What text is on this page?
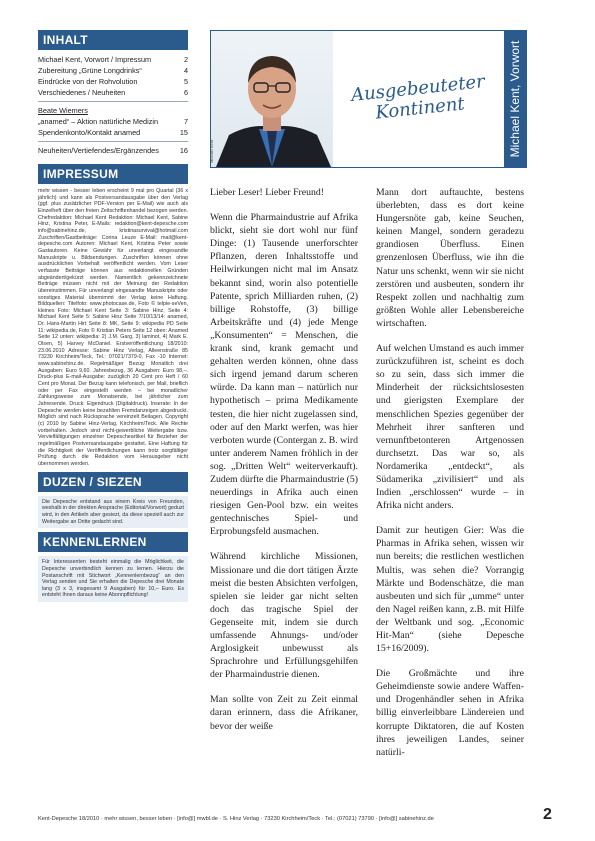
INHALT
Michael Kent, Vorwort / Impressum	2
Zubereitung „Grüne Longdrinks“	4
Eindrücke von der Rohvolution	5
Verschiedenes / Neuheiten	6
Beate Wiemers
„anamed“ – Aktion natürliche Medizin	7
Spendenkonto/Kontakt anamed	15
Neuheiten/Vertiefendes/Ergänzendes	16
IMPRESSUM
mehr wissen - besser leben erscheint 9 mal pro Quartal (36 x jährlich) und kann als Postversandausgabe über den Verlag (ggf. plus zusätzlicher PDF-Version per E-Mail) wie auch als Einzelheft über den freien Zeitschriftenhandel bezogen werden. Chefredaktion: Michael Kent Redaktion: Michael Kent, Sabine Hinz, Kristina Peter, E-Mails: redaktion@kent-depesche.com info@sabinehinz.de, kristinasurvival@hotmail.com Zuschriften/Gastbeiträge: Corina Leuze E-Mail: mail@kent-depesche.com Autoren: Michael Kent, Kristina Peter sowie Gastautoren. Keine Gewähr für unverlangt eingesandte Manuskripte u. Bildsendungen. Zuschriften können ohne ausdrücklichen Vorbehalt veröffentlicht werden. Vom Leser verfasste Beiträge können aus redaktionellen Gründen abgeändert/gekürzt werden. Namentlich gekennzeichnete Beiträge müssen nicht mit der Meinung der Redaktion übereinstimmen. Für unverlangt eingesandte Manuskripte oder sonstiges Material übernimmt der Verlag keine Haftung. Bildquellen: Titelfoto: www.photocase.de, Foto © telpie-seVen, kleines Foto: Michael Kent Seite 3: Sabine Hinz, Seite 4: Michael Kent Seite 5: Sabine Hinz Seite 7/10/13/14: anamed, Dr. Hans-Martin Hirt Seite 8: MK, Seite 9: wikipedia PD Seite 11: wikipedia.de, Foto © Kristian Peters Seite 12 oben: Anamed Seite 12 unten: wikipedia: 2) J.M. Garg, 3) laminot, 4) Mark E. Olsen, 5) Harvey McDaniel. Erstveröffentlichung 18/2010: 23.06.2010 Adresse: Sabine Hinz Verlag, Alleenstraße 85 73230 Kirchheim/Teck, Tel.: 07021/7379-0, Fax -10 Internet: www.sabinehinz.de. Regelmäßiger Bezug: Monatlich drei Ausgaben: Euro 9,60. Jahresbezug, 36 Ausgaben: Euro 98,–. Druck-plus E-mail-Ausgabe: zuzüglich 20 Cent pro Heft / 60 Cent pro Monat. Der Bezug kann telefonisch, per Mail, brieflich oder per Fax eingestellt werden – bei monatlicher Zahlungsweise zum Monatsende, bei jährlicher zum Jahresende. Druck: Eigendruck (Digitaldruck). Inserate: In der Depesche werden keine bezahlten Fremdanzeigen abgedruckt. Möglich sind nach Rücksprache vereinzelt Beilagen. Copyright (c) 2010 by Sabine Hinz-Verlag, Kirchheim/Teck. Alle Rechte vorbehalten. Jedoch sind nicht-gewerbliche Weitergabe bzw. Vervielfältigungen einzelner Depescheartikel für Bezieher der regelmäßigen Postversandausgabe gestattet. Eine Haftung für die Richtigkeit der Veröffentlichungen kann trotz sorgfältiger Prüfung durch die Redaktion vom Herausgeber nicht übernommen werden.
DUZEN / SIEZEN
Die Depesche entstand aus einem Kreis von Freunden, weshalb in der direkten Ansprache (Editorial/Vorwort) geduzt wird, in den Artikeln aber gesiezt, da diese speziell auch zur Weitergabe an Dritte gedacht sind.
KENNENLERNEN
Für Interessenten besteht einmalig die Möglichkeit, die Depesche unverbindlich kennen zu lernen. Hierzu die Postanschrift mit Stichwort „Kennenlernbezug“ an den Verlag senden und Sie erhalten die Depesche drei Monate lang (3 x 3, insgesamt 9 Ausgaben) für 10,– Euro. Es entsteht Ihnen daraus keine Abonnpflichtung!
Michael Kent
Ausgebeuteter Kontinent	Michael Kent, Vorwort

Lieber Leser! Lieber Freund!

Wenn die Pharmaindustrie auf Afrika blickt, sieht sie dort wohl nur fünf Dinge: (1) Tausende unerforschter Pflanzen, deren Inhaltsstoffe und Heilwirkungen nicht mal im Ansatz bekannt sind, worin also potentielle Patente, sprich Milliarden ruhen, (2) billige Rohstoffe, (3) billige Arbeitskräfte und (4) jede Menge „Konsumenten“ = Menschen, die krank sind, krank gemacht und gehalten werden können, ohne dass sich irgend jemand darum scheren würde. Da kann man – natürlich nur hypothetisch – prima Medikamente testen, die hier nicht zugelassen sind, oder auf den Markt werfen, was hier verboten wurde (Contergan z. B. wird unter anderem Namen fröhlich in der sog. „Dritten Welt“ weiterverkauft). Zudem dürfte die Pharmaindustrie (5) neuerdings in Afrika auch einen riesigen Gen-Pool bzw. ein weites gentechnisches Spiel- und Erprobungsfeld ausmachen.

Während kirchliche Missionen, Missionare und die dort tätigen Ärzte meist die besten Absichten verfolgen, spielen sie leider gar nicht selten doch das tragische Spiel der Gegenseite mit, indem sie durch umfassende Ahnungs- und/oder Arglosigkeit unbewusst als Sprachrohre und Erfüllungsgehilfen der Pharmaindustrie dienen.

Man sollte von Zeit zu Zeit einmal daran erinnern, dass die Afrikaner, bevor der weiße

Mann dort auftauchte, bestens überlebten, dass es dort keine Hungersnöte gab, keine Seuchen, keinen Mangel, sondern geradezu grandiosen Überfluss. Einen grenzenlosen Überfluss, wie ihn die Natur uns schenkt, wenn wir sie nicht zerstören und ausbeuten, sondern ihr Respekt zollen und nachhaltig zum größten Wohle aller Lebensbereiche wirtschaften.

Auf welchen Umstand es auch immer zurückzuführen ist, scheint es doch so zu sein, dass sich immer die Minderheit der rücksichtslosesten und gierigsten Exemplare der menschlichen Spezies gegenüber der Mehrheit ihrer sanfteren und vernunftbetonteren Artgenossen durchsetzt. Das war so, als Nordamerika „entdeckt“, als Südamerika „zivilisiert“ und als Indien „erschlossen“ wurde – in Afrika nicht anders.

Damit zur heutigen Gier: Was die Pharmas in Afrika sehen, wissen wir nun bereits; die restlichen westlichen Multis, was sehen die? Vorrangig Märkte und Bodenschätze, die man ausbeuten und sich für „umme“ unter den Nagel reißen kann, z.B. mit Hilfe der Weltbank und sog. „Economic Hit-Man“ (siehe Depesche 15+16/2009).

Die Großmächte und ihre Geheimdienste sowie andere Waffen- und Drogenhändler sehen in Afrika billig einverleibbare Ländereien und korrupte Diktatoren, die auf Kosten ihres jeweiligen Landes, seiner natürli-

Kent-Depesche 18/2010 · mehr wissen, besser leben · [info@] mwbl.de · S. Hinz Verlag · 73230 Kirchheim/Teck · Tel.: (07021) 73790 · [info@] sabinehinz.de	2
